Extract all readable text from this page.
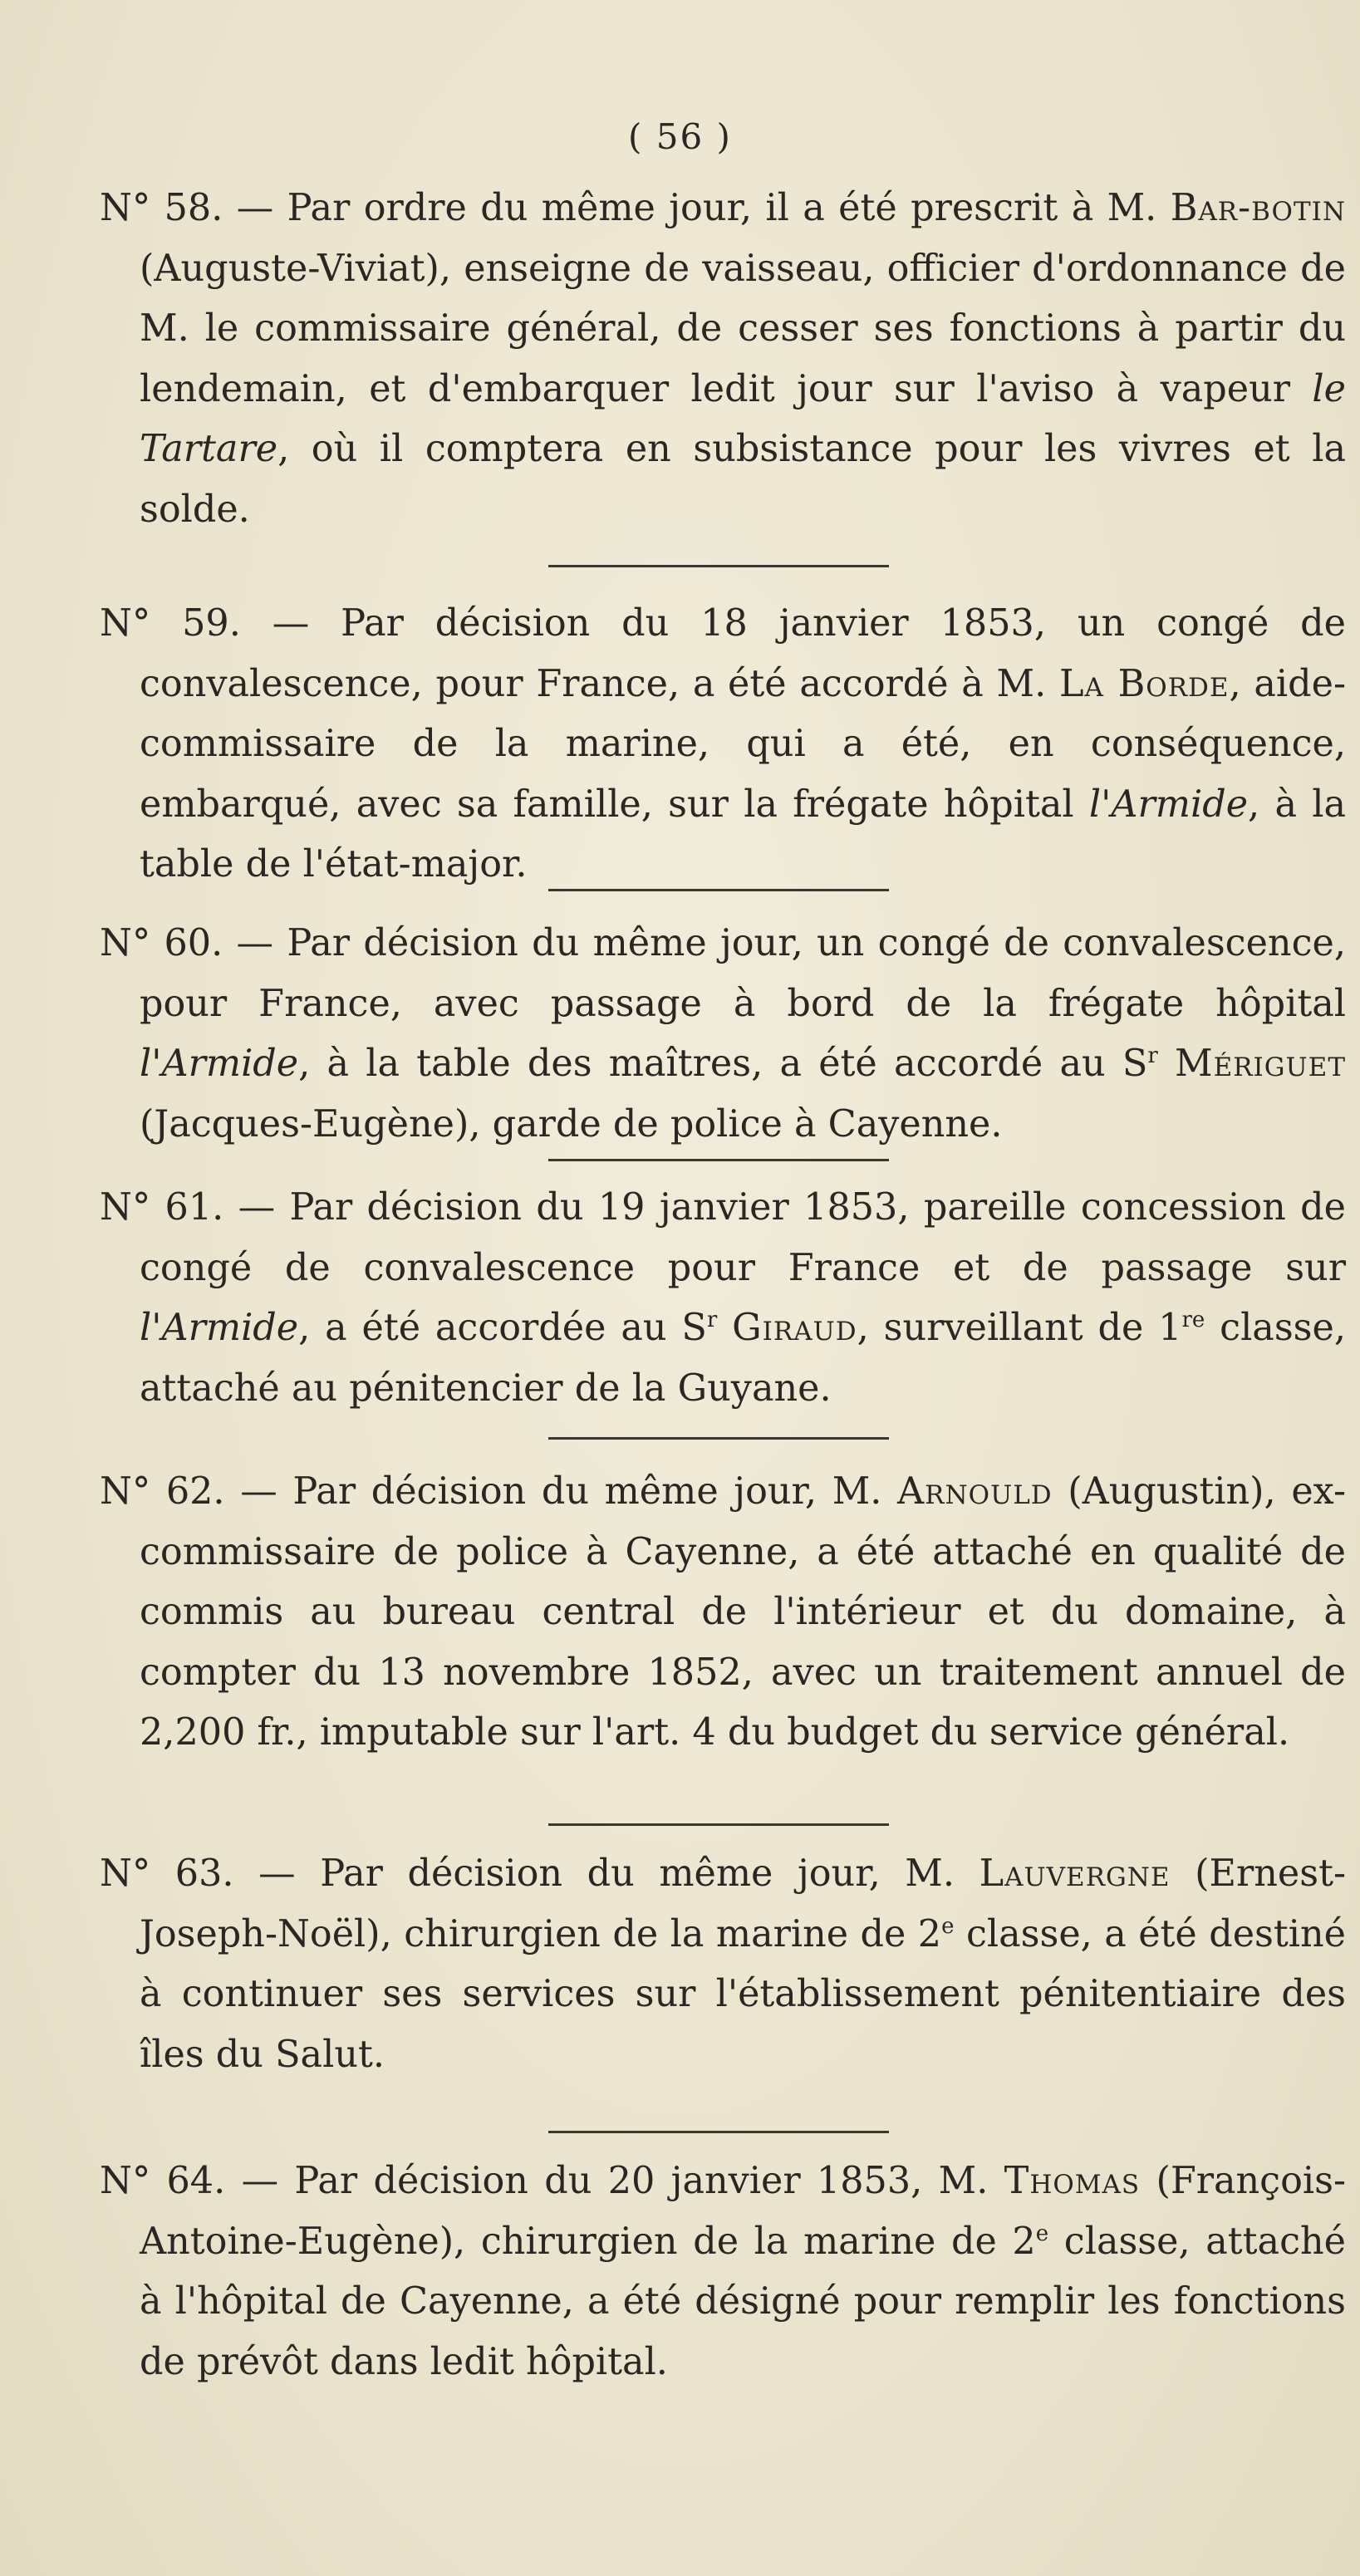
( 56 )
N° 58. — Par ordre du même jour, il a été prescrit à M. Bar-botin (Auguste-Viviat), enseigne de vaisseau, officier d'ordonnance de M. le commissaire général, de cesser ses fonctions à partir du lendemain, et d'embarquer ledit jour sur l'aviso à vapeur le Tartare, où il comptera en subsistance pour les vivres et la solde.
N° 59. — Par décision du 18 janvier 1853, un congé de convalescence, pour France, a été accordé à M. La Borde, aide-commissaire de la marine, qui a été, en conséquence, embarqué, avec sa famille, sur la frégate hôpital l'Armide, à la table de l'état-major.
N° 60. — Par décision du même jour, un congé de convalescence, pour France, avec passage à bord de la frégate hôpital l'Armide, à la table des maîtres, a été accordé au $S^r$ Mériguet (Jacques-Eugène), garde de police à Cayenne.
N° 61. — Par décision du 19 janvier 1853, pareille concession de congé de convalescence pour France et de passage sur l'Armide, a été accordée au $S^r$ Giraud, surveillant de 1re classe, attaché au pénitencier de la Guyane.
N° 62. — Par décision du même jour, M. Arnould (Augustin), ex-commissaire de police à Cayenne, a été attaché en qualité de commis au bureau central de l'intérieur et du domaine, à compter du 13 novembre 1852, avec un traitement annuel de 2,200 fr., imputable sur l'art. 4 du budget du service général.
N° 63. — Par décision du même jour, M. Lauvergne (Ernest-Joseph-Noël), chirurgien de la marine de 2e classe, a été destiné à continuer ses services sur l'établissement pénitentiaire des îles du Salut.
N° 64. — Par décision du 20 janvier 1853, M. Thomas (François-Antoine-Eugène), chirurgien de la marine de 2e classe, attaché à l'hôpital de Cayenne, a été désigné pour remplir les fonctions de prévôt dans ledit hôpital.
